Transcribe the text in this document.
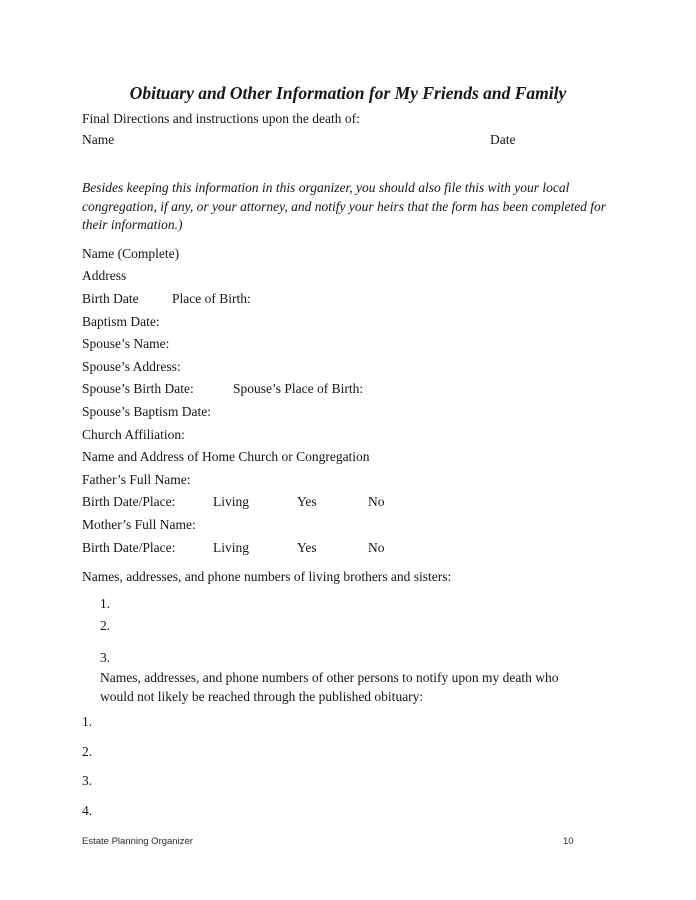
Obituary and Other Information for My Friends and Family
Final Directions and instructions upon the death of:
Name	Date
Besides keeping this information in this organizer, you should also file this with your local congregation, if any, or your attorney, and notify your heirs that the form has been completed for their information.)
Name (Complete)
Address
Birth Date Place of Birth:
Baptism Date:
Spouse’s Name:
Spouse’s Address:
Spouse’s Birth Date:	Spouse’s Place of Birth:
Spouse’s Baptism Date:
Church Affiliation:
Name and Address of Home Church or Congregation
Father’s Full Name:
Birth Date/Place:	Living	Yes	No
Mother’s Full Name:
Birth Date/Place:	Living	Yes	No
Names, addresses, and phone numbers of living brothers and sisters:
1.
2.
3.
Names, addresses, and phone numbers of other persons to notify upon my death who would not likely be reached through the published obituary:
1.
2.
3.
4.
Estate Planning Organizer	10
